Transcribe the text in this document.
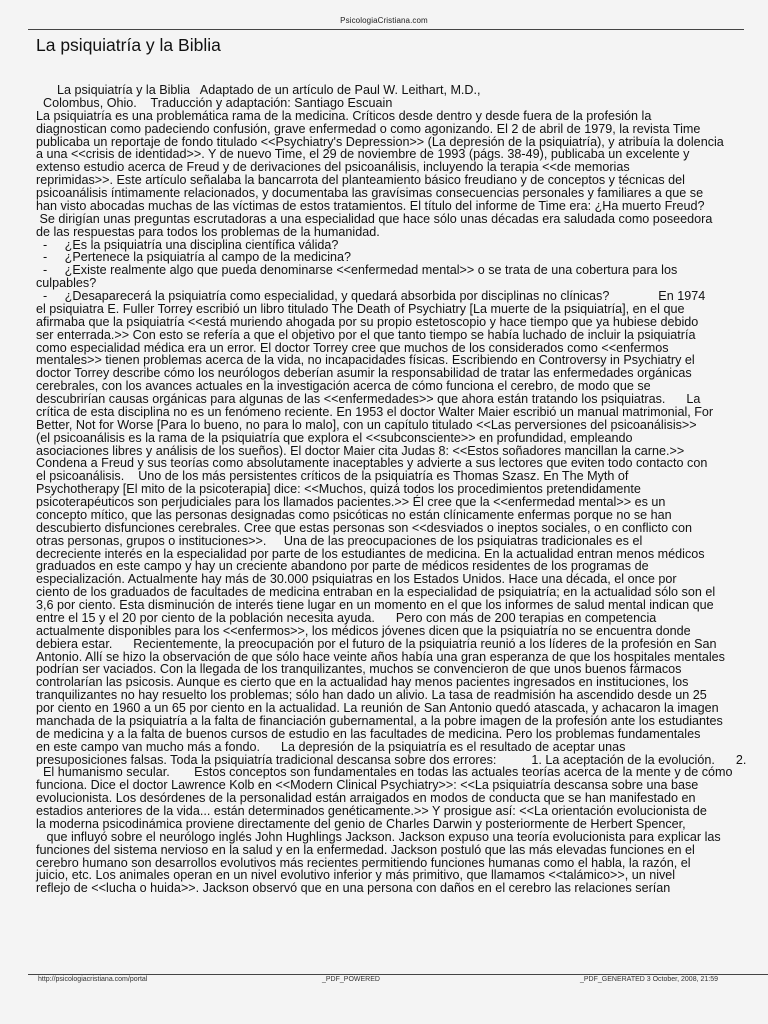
PsicologiaCristiana.com
La psiquiatría y la Biblia
La psiquiatría y la Biblia   Adaptado de un artículo de Paul W. Leithart, M.D.,
Colombus, Ohio.    Traducción y adaptación: Santiago Escuain
La psiquiatría es una problemática rama de la medicina. Críticos desde dentro y desde fuera de la profesión la
diagnostican como padeciendo confusión, grave enfermedad o como agonizando. El 2 de abril de 1979, la revista Time
publicaba un reportaje de fondo titulado <<Psychiatry's Depression>> (La depresión de la psiquiatría), y atribuía la dolencia
a una <<crisis de identidad>>. Y de nuevo Time, el 29 de noviembre de 1993 (págs. 38-49), publicaba un excelente y
extenso estudio acerca de Freud y de derivaciones del psicoanálisis, incluyendo la terapia <<de memorias
reprimidas>>. Este artículo señalaba la bancarrota del planteamiento básico freudiano y de conceptos y técnicas del
psicoanálisis íntimamente relacionados, y documentaba las gravísimas consecuencias personales y familiares a que se
han visto abocadas muchas de las víctimas de estos tratamientos. El título del informe de Time era: ¿Ha muerto Freud?
Se dirigían unas preguntas escrutadoras a una especialidad que hace sólo unas décadas era saludada como poseedora
de las respuestas para todos los problemas de la humanidad.
-     ¿Es la psiquiatría una disciplina científica válida?
-     ¿Pertenece la psiquiatría al campo de la medicina?
-     ¿Existe realmente algo que pueda denominarse <<enfermedad mental>> o se trata de una cobertura para los
culpables?
-     ¿Desaparecerá la psiquiatría como especialidad, y quedará absorbida por disciplinas no clínicas?              En 1974
el psiquiatra E. Fuller Torrey escribió un libro titulado The Death of Psychiatry [La muerte de la psiquiatría], en el que
afirmaba que la psiquiatría <<está muriendo ahogada por su propio estetoscopio y hace tiempo que ya hubiese debido
ser enterrada.>> Con esto se refería a que el objetivo por el que tanto tiempo se había luchado de incluir la psiquiatría
como especialidad médica era un error. El doctor Torrey cree que muchos de los considerados como <<enfermos
mentales>> tienen problemas acerca de la vida, no incapacidades físicas. Escribiendo en Controversy in Psychiatry el
doctor Torrey describe cómo los neurólogos deberían asumir la responsabilidad de tratar las enfermedades orgánicas
cerebrales, con los avances actuales en la investigación acerca de cómo funciona el cerebro, de modo que se
descubrirían causas orgánicas para algunas de las <<enfermedades>> que ahora están tratando los psiquiatras.      La
crítica de esta disciplina no es un fenómeno reciente. En 1953 el doctor Walter Maier escribió un manual matrimonial, For
Better, Not for Worse [Para lo bueno, no para lo malo], con un capítulo titulado <<Las perversiones del psicoanálisis>>
(el psicoanálisis es la rama de la psiquiatría que explora el <<subconsciente>> en profundidad, empleando
asociaciones libres y análisis de los sueños). El doctor Maier cita Judas 8: <<Estos soñadores mancillan la carne.>>
Condena a Freud y sus teorías como absolutamente inaceptables y advierte a sus lectores que eviten todo contacto con
el psicoanálisis.    Uno de los más persistentes críticos de la psiquiatría es Thomas Szasz. En The Myth of
Psychotherapy [El mito de la psicoterapia] dice: <<Muchos, quizá todos los procedimientos pretendidamente
psicoterapéuticos son perjudiciales para los llamados pacientes.>> Él cree que la <<enfermedad mental>> es un
concepto mítico, que las personas designadas como psicóticas no están clínicamente enfermas porque no se han
descubierto disfunciones cerebrales. Cree que estas personas son <<desviados o ineptos sociales, o en conflicto con
otras personas, grupos o instituciones>>.     Una de las preocupaciones de los psiquiatras tradicionales es el
decreciente interés en la especialidad por parte de los estudiantes de medicina. En la actualidad entran menos médicos
graduados en este campo y hay un creciente abandono por parte de médicos residentes de los programas de
especialización. Actualmente hay más de 30.000 psiquiatras en los Estados Unidos. Hace una década, el once por
ciento de los graduados de facultades de medicina entraban en la especialidad de psiquiatría; en la actualidad sólo son el
3,6 por ciento. Esta disminución de interés tiene lugar en un momento en el que los informes de salud mental indican que
entre el 15 y el 20 por ciento de la población necesita ayuda.      Pero con más de 200 terapias en competencia
actualmente disponibles para los <<enfermos>>, los médicos jóvenes dicen que la psiquiatría no se encuentra donde
debiera estar.      Recientemente, la preocupación por el futuro de la psiquiatría reunió a los líderes de la profesión en San
Antonio. Allí se hizo la observación de que sólo hace veinte años había una gran esperanza de que los hospitales mentales
podrían ser vaciados. Con la llegada de los tranquilizantes, muchos se convencieron de que unos buenos fármacos
controlarían las psicosis. Aunque es cierto que en la actualidad hay menos pacientes ingresados en instituciones, los
tranquilizantes no hay resuelto los problemas; sólo han dado un alivio. La tasa de readmisión ha ascendido desde un 25
por ciento en 1960 a un 65 por ciento en la actualidad. La reunión de San Antonio quedó atascada, y achacaron la imagen
manchada de la psiquiatría a la falta de financiación gubernamental, a la pobre imagen de la profesión ante los estudiantes
de medicina y a la falta de buenos cursos de estudio en las facultades de medicina. Pero los problemas fundamentales
en este campo van mucho más a fondo.      La depresión de la psiquiatría es el resultado de aceptar unas
presuposiciones falsas. Toda la psiquiatría tradicional descansa sobre dos errores:          1. La aceptación de la evolución.      2.
El humanismo secular.       Estos conceptos son fundamentales en todas las actuales teorías acerca de la mente y de cómo
funciona. Dice el doctor Lawrence Kolb en <<Modern Clinical Psychiatry>>: <<La psiquiatría descansa sobre una base
evolucionista. Los desórdenes de la personalidad están arraigados en modos de conducta que se han manifestado en
estadios anteriores de la vida... están determinados genéticamente.>> Y prosigue así: <<La orientación evolucionista de
la moderna psicodinámica proviene directamente del genio de Charles Darwin y posteriormente de Herbert Spencer,
que influyó sobre el neurólogo inglés John Hughlings Jackson. Jackson expuso una teoría evolucionista para explicar las
funciones del sistema nervioso en la salud y en la enfermedad. Jackson postuló que las más elevadas funciones en el
cerebro humano son desarrollos evolutivos más recientes permitiendo funciones humanas como el habla, la razón, el
juicio, etc. Los animales operan en un nivel evolutivo inferior y más primitivo, que llamamos <<talámico>>, un nivel
reflejo de <<lucha o huida>>. Jackson observó que en una persona con daños en el cerebro las relaciones serían
http://psicologiacristiana.com/portal	_PDF_POWERED	_PDF_GENERATED 3 October, 2008, 21:59
